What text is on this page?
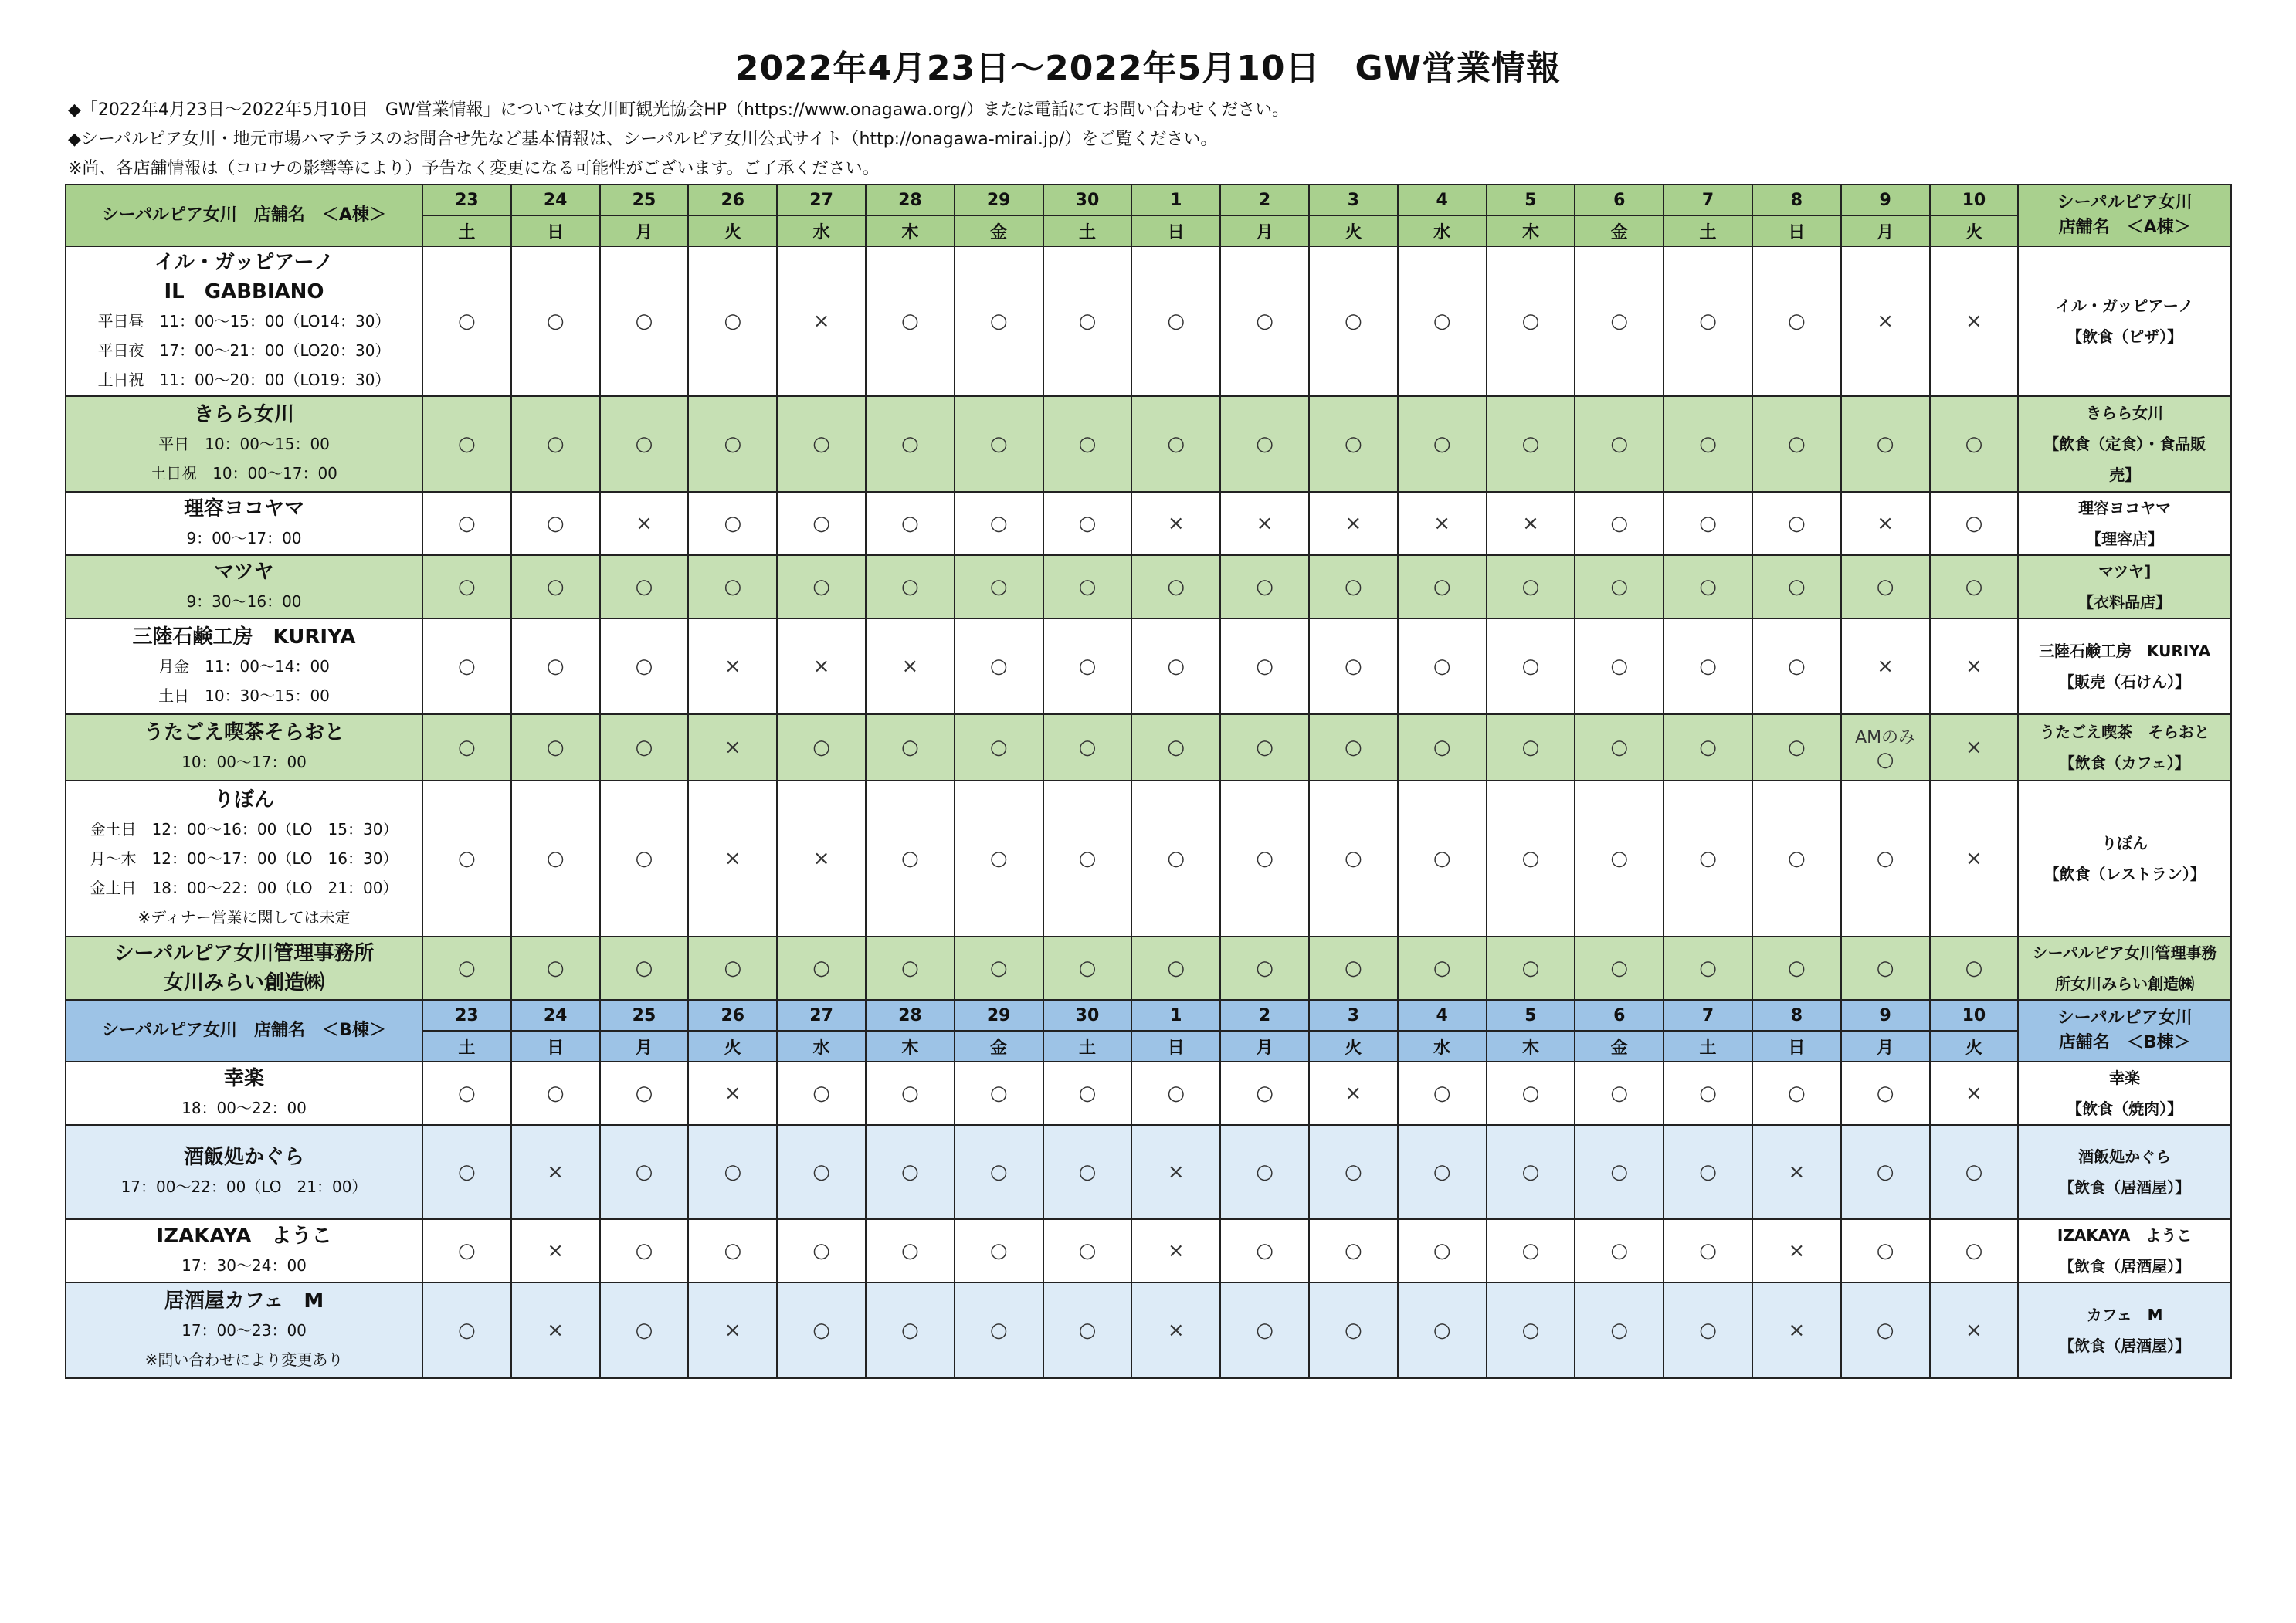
2022年4月23日～2022年5月10日　GW営業情報
◆「2022年4月23日～2022年5月10日　GW営業情報」については女川町観光協会HP（https://www.onagawa.org/）または電話にてお問い合わせください。
◆シーパルピア女川・地元市場ハマテラスのお問合せ先など基本情報は、シーパルピア女川公式サイト（http://onagawa-mirai.jp/）をご覧ください。
※尚、各店舗情報は（コロナの影響等により）予告なく変更になる可能性がございます。ご了承ください。
シーパルピア女川　店舗名　＜A棟＞	23	24	25	26	27	28	29	30	1	2	3	4	5	6	7	8	9	10	シーパルピア女川
店舗名　＜A棟＞

	土	日	月	火	水	木	金	土	日	月	火	水	木	金	土	日	月	火	

イル・ガッピアーノ
IL　GABBIANO
平日昼　11：00～15：00（LO14：30）
平日夜　17：00～21：00（LO20：30）
土日祝　11：00～20：00（LO19：30）	○	○	○	○	×	○	○	○	○	○	○	○	○	○	○	○	×	×	イル・ガッピアーノ
【飲食（ピザ）】

きらら女川
平日　10：00～15：00
土日祝　10：00～17：00	○	○	○	○	○	○	○	○	○	○	○	○	○	○	○	○	○	○	きらら女川
【飲食（定食）・食品販
売】

理容ヨコヤマ
9：00～17：00	○	○	×	○	○	○	○	○	×	×	×	×	×	○	○	○	×	○	理容ヨコヤマ
【理容店】

マツヤ
9：30～16：00	○	○	○	○	○	○	○	○	○	○	○	○	○	○	○	○	○	○	マツヤ]
【衣料品店】

三陸石鹸工房　KURIYA
月金　11：00～14：00
土日　10：30～15：00	○	○	○	×	×	×	○	○	○	○	○	○	○	○	○	○	×	×	三陸石鹸工房　KURIYA
【販売（石けん）】

うたごえ喫茶そらおと
10：00～17：00	○	○	○	×	○	○	○	○	○	○	○	○	○	○	○	○	AMのみ
○	×	うたごえ喫茶　そらおと
【飲食（カフェ）】

りぼん
金土日　12：00～16：00（LO　15：30）
月～木　12：00～17：00（LO　16：30）
金土日　18：00～22：00（LO　21：00）
※ディナー営業に関しては未定	○	○	○	×	×	○	○	○	○	○	○	○	○	○	○	○	○	×	りぼん
【飲食（レストラン）】

シーパルピア女川管理事務所
女川みらい創造㈱	○	○	○	○	○	○	○	○	○	○	○	○	○	○	○	○	○	○	シーパルピア女川管理事務
所女川みらい創造㈱

シーパルピア女川　店舗名　＜B棟＞	23	24	25	26	27	28	29	30	1	2	3	4	5	6	7	8	9	10	シーパルピア女川
店舗名　＜B棟＞

	土	日	月	火	水	木	金	土	日	月	火	水	木	金	土	日	月	火	

幸楽
18：00～22：00	○	○	○	×	○	○	○	○	○	○	×	○	○	○	○	○	○	×	幸楽
【飲食（焼肉）】

酒飯処かぐら
17：00～22：00（LO　21：00）	○	×	○	○	○	○	○	○	×	○	○	○	○	○	○	×	○	○	酒飯処かぐら
【飲食（居酒屋）】

IZAKAYA　ようこ
17：30～24：00	○	×	○	○	○	○	○	○	×	○	○	○	○	○	○	×	○	○	IZAKAYA　ようこ
【飲食（居酒屋）】

居酒屋カフェ　M
17：00～23：00
※問い合わせにより変更あり	○	×	○	×	○	○	○	○	×	○	○	○	○	○	○	×	○	×	カフェ　M
【飲食（居酒屋）】
